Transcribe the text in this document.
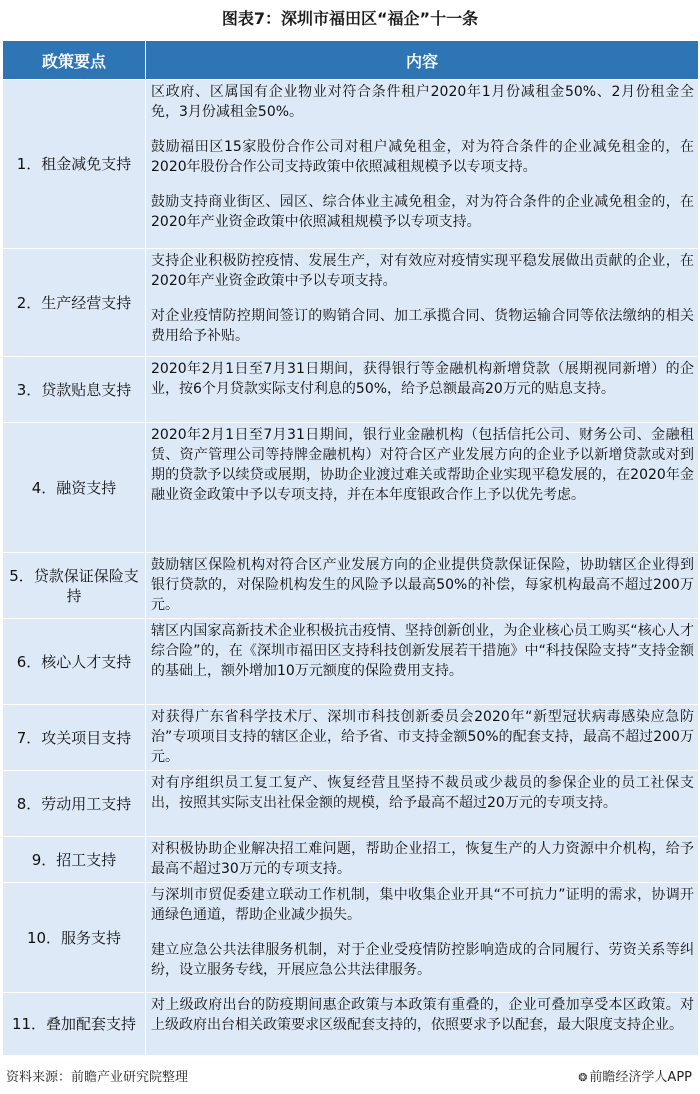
图表7：深圳市福田区“福企”十一条
政策要点	内容
1．租金减免支持	区政府、区属国有企业物业对符合条件租户2020年1月份减租金50%、2月份租金全免，3月份减租金50%。
鼓励福田区15家股份合作公司对租户减免租金，对为符合条件的企业减免租金的，在2020年股份合作公司支持政策中依照减租规模予以专项支持。
鼓励支持商业街区、园区、综合体业主减免租金，对为符合条件的企业减免租金的，在2020年产业资金政策中依照减租规模予以专项支持。

2．生产经营支持	支持企业积极防控疫情、发展生产，对有效应对疫情实现平稳发展做出贡献的企业，在2020年产业资金政策中予以专项支持。
对企业疫情防控期间签订的购销合同、加工承揽合同、货物运输合同等依法缴纳的相关费用给予补贴。

3．贷款贴息支持	2020年2月1日至7月31日期间，获得银行等金融机构新增贷款（展期视同新增）的企业，按6个月贷款实际支付利息的50%，给予总额最高20万元的贴息支持。

4．融资支持	2020年2月1日至7月31日期间，银行业金融机构（包括信托公司、财务公司、金融租赁、资产管理公司等持牌金融机构）对符合区产业发展方向的企业予以新增贷款或对到期的贷款予以续贷或展期，协助企业渡过难关或帮助企业实现平稳发展的，在2020年金融业资金政策中予以专项支持，并在本年度银政合作上予以优先考虑。

5．贷款保证保险支持	鼓励辖区保险机构对符合区产业发展方向的企业提供贷款保证保险，协助辖区企业得到银行贷款的，对保险机构发生的风险予以最高50%的补偿，每家机构最高不超过200万元。

6．核心人才支持	辖区内国家高新技术企业积极抗击疫情、坚持创新创业，为企业核心员工购买“核心人才综合险”的，在《深圳市福田区支持科技创新发展若干措施》中“科技保险支持”支持金额的基础上，额外增加10万元额度的保险费用支持。

7．攻关项目支持	对获得广东省科学技术厅、深圳市科技创新委员会2020年“新型冠状病毒感染应急防治”专项项目支持的辖区企业，给予省、市支持金额50%的配套支持，最高不超过200万元。

8．劳动用工支持	对有序组织员工复工复产、恢复经营且坚持不裁员或少裁员的参保企业的员工社保支出，按照其实际支出社保金额的规模，给予最高不超过20万元的专项支持。

9．招工支持	对积极协助企业解决招工难问题，帮助企业招工，恢复生产的人力资源中介机构，给予最高不超过30万元的专项支持。

10．服务支持	与深圳市贸促委建立联动工作机制，集中收集企业开具“不可抗力”证明的需求，协调开通绿色通道，帮助企业减少损失。
建立应急公共法律服务机制，对于企业受疫情防控影响造成的合同履行、劳资关系等纠纷，设立服务专线，开展应急公共法律服务。

11．叠加配套支持	对上级政府出台的防疫期间惠企政策与本政策有重叠的，企业可叠加享受本区政策。对上级政府出台相关政策要求区级配套支持的，依照要求予以配套，最大限度支持企业。
资料来源：前瞻产业研究院整理	❂ 前瞻经济学人APP
